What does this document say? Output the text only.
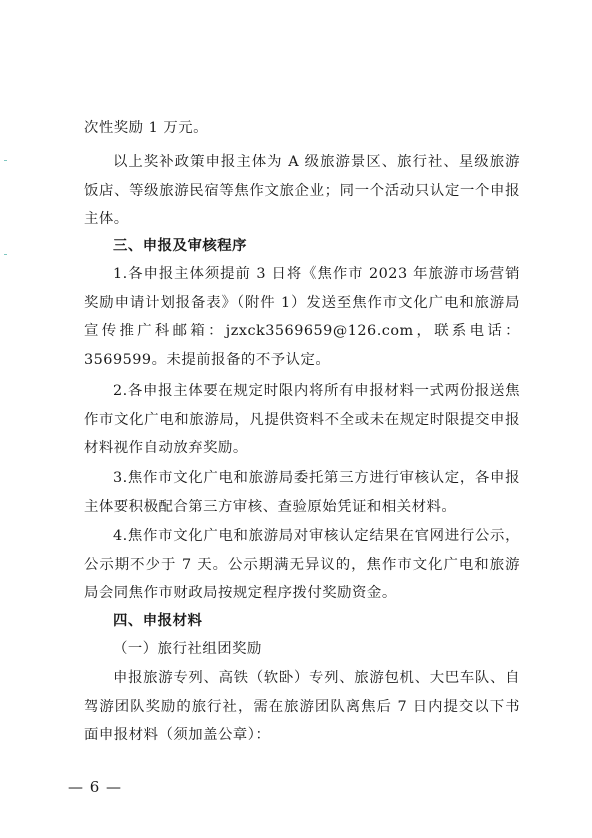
次性奖励 1 万元。

以上奖补政策申报主体为 A 级旅游景区、旅行社、星级旅游饭店、等级旅游民宿等焦作文旅企业；同一个活动只认定一个申报主体。

三、申报及审核程序

1.各申报主体须提前 3 日将《焦作市 2023 年旅游市场营销奖励申请计划报备表》（附件 1）发送至焦作市文化广电和旅游局宣传推广科邮箱：jzxck3569659@126.com，联系电话：3569599。未提前报备的不予认定。

2.各申报主体要在规定时限内将所有申报材料一式两份报送焦作市文化广电和旅游局，凡提供资料不全或未在规定时限提交申报材料视作自动放弃奖励。

3.焦作市文化广电和旅游局委托第三方进行审核认定，各申报主体要积极配合第三方审核、查验原始凭证和相关材料。

4.焦作市文化广电和旅游局对审核认定结果在官网进行公示，公示期不少于 7 天。公示期满无异议的，焦作市文化广电和旅游局会同焦作市财政局按规定程序拨付奖励资金。

四、申报材料

（一）旅行社组团奖励

申报旅游专列、高铁（软卧）专列、旅游包机、大巴车队、自驾游团队奖励的旅行社，需在旅游团队离焦后 7 日内提交以下书面申报材料（须加盖公章）：

— 6 —
